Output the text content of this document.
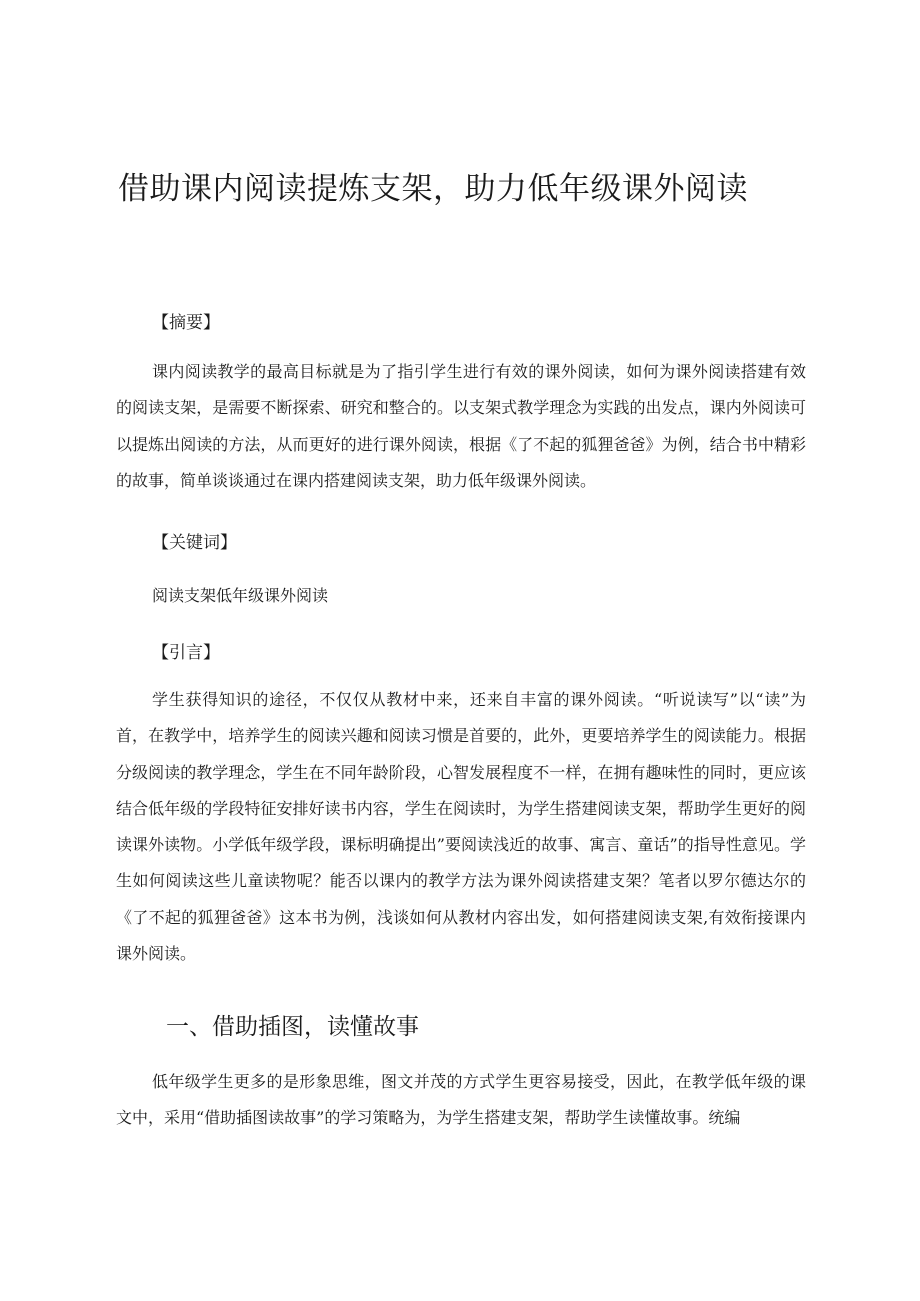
借助课内阅读提炼支架，助力低年级课外阅读
【摘要】

课内阅读教学的最高目标就是为了指引学生进行有效的课外阅读，如何为课外阅读搭建有效的阅读支架，是需要不断探索、研究和整合的。以支架式教学理念为实践的出发点，课内外阅读可以提炼出阅读的方法，从而更好的进行课外阅读，根据《了不起的狐狸爸爸》为例，结合书中精彩的故事，简单谈谈通过在课内搭建阅读支架，助力低年级课外阅读。

【关键词】
阅读支架低年级课外阅读
【引言】

学生获得知识的途径，不仅仅从教材中来，还来自丰富的课外阅读。“听说读写”以“读”为首，在教学中，培养学生的阅读兴趣和阅读习惯是首要的，此外，更要培养学生的阅读能力。根据分级阅读的教学理念，学生在不同年龄阶段，心智发展程度不一样，在拥有趣味性的同时，更应该结合低年级的学段特征安排好读书内容，学生在阅读时，为学生搭建阅读支架，帮助学生更好的阅读课外读物。小学低年级学段，课标明确提出”要阅读浅近的故事、寓言、童话”的指导性意见。学生如何阅读这些儿童读物呢？能否以课内的教学方法为课外阅读搭建支架？笔者以罗尔德达尔的《了不起的狐狸爸爸》这本书为例，浅谈如何从教材内容出发，如何搭建阅读支架,有效衔接课内课外阅读。

一、借助插图，读懂故事

低年级学生更多的是形象思维，图文并茂的方式学生更容易接受，因此，在教学低年级的课文中，采用“借助插图读故事”的学习策略为，为学生搭建支架，帮助学生读懂故事。统编
